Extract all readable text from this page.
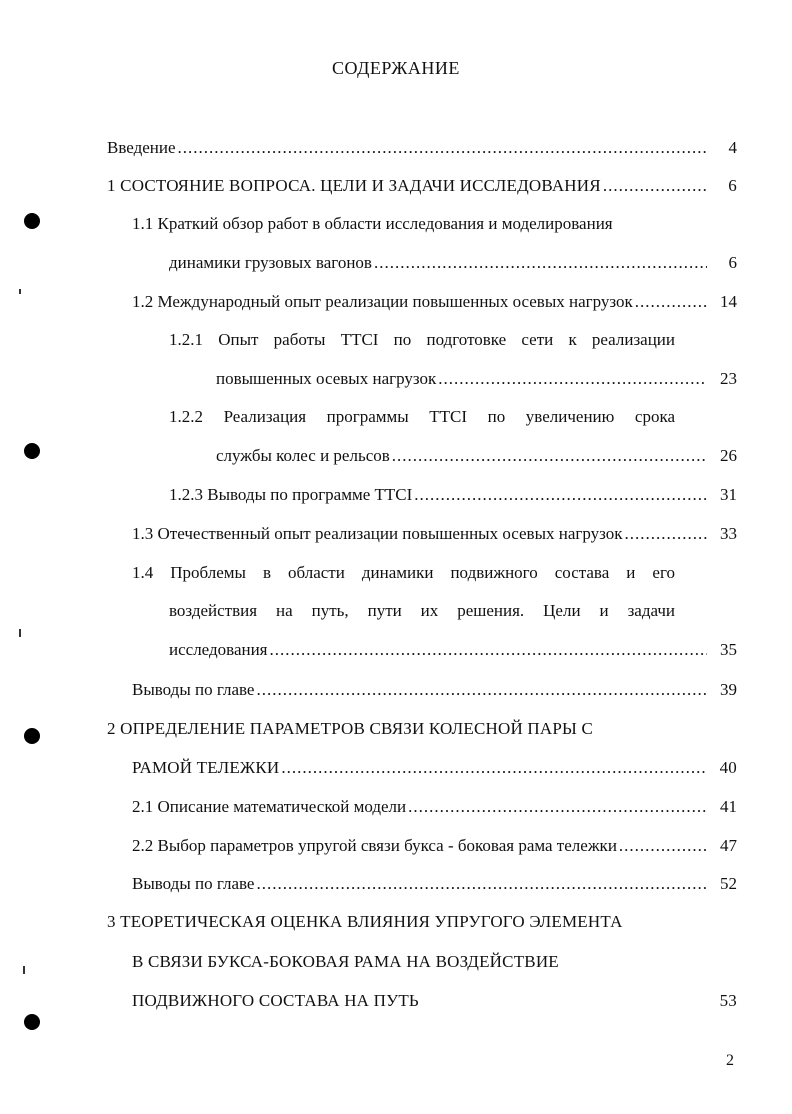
СОДЕРЖАНИЕ
Введение .....	4
1 СОСТОЯНИЕ ВОПРОСА. ЦЕЛИ И ЗАДАЧИ ИССЛЕДОВАНИЯ .....	6
1.1 Краткий обзор работ в области исследования и моделирования
динамики грузовых вагонов .....	6
1.2 Международный опыт реализации повышенных осевых нагрузок .....	14
1.2.1 Опыт работы TTCI по подготовке сети к реализации
повышенных осевых нагрузок .....	23
1.2.2 Реализация программы TTCI по увеличению срока
службы колес и рельсов .....	26
1.2.3 Выводы по программе TTCI .....	31
1.3 Отечественный опыт реализации повышенных осевых нагрузок .....	33
1.4 Проблемы в области динамики подвижного состава и его
воздействия на путь, пути их решения. Цели и задачи
исследования .....	35
Выводы по главе .....	39
2 ОПРЕДЕЛЕНИЕ ПАРАМЕТРОВ СВЯЗИ КОЛЕСНОЙ ПАРЫ С
РАМОЙ ТЕЛЕЖКИ .....	40
2.1 Описание математической модели .....	41
2.2 Выбор параметров упругой связи букса - боковая рама тележки .....	47
Выводы по главе .....	52
3 ТЕОРЕТИЧЕСКАЯ ОЦЕНКА ВЛИЯНИЯ УПРУГОГО ЭЛЕМЕНТА
В СВЯЗИ БУКСА-БОКОВАЯ РАМА НА ВОЗДЕЙСТВИЕ
ПОДВИЖНОГО СОСТАВА НА ПУТЬ	53
2
